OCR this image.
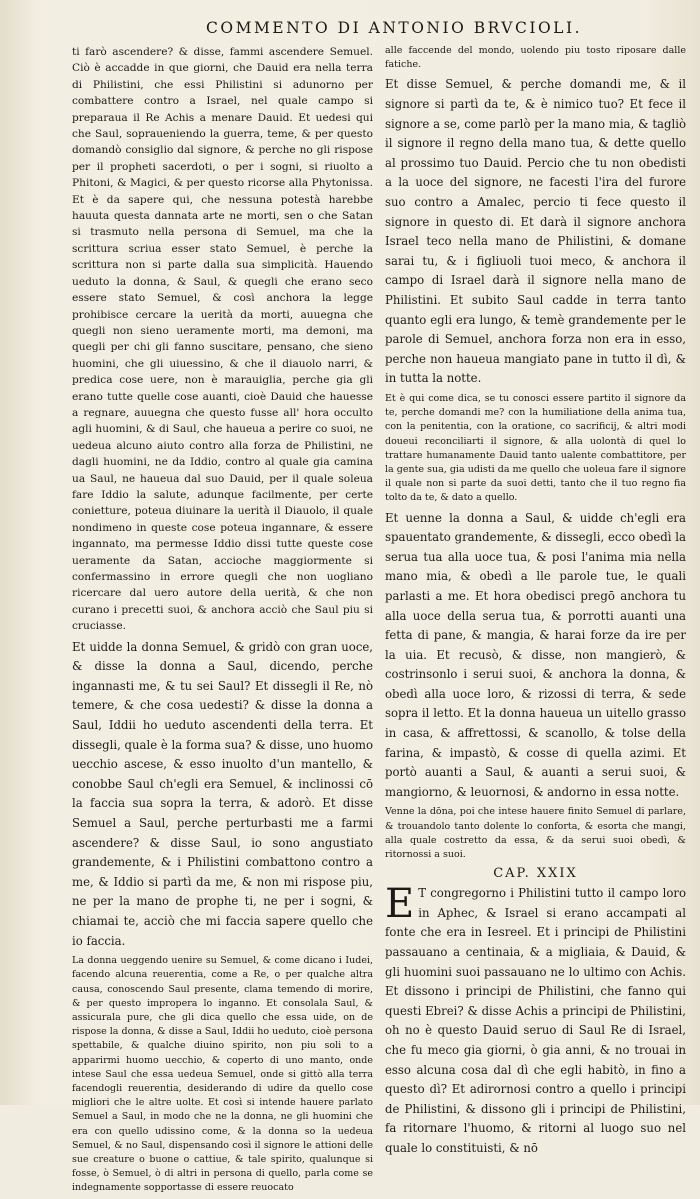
COMMENTO DI ANTONIO BRVCIOLI.

ti farò ascendere? & disse, fammi ascendere Semuel. Ciò è accadde in que giorni, che Dauid era nella terra di Philistini, che essi Philistini si adunorno per combattere contro a Israel, nel quale campo si preparaua il Re Achis a menare Dauid. Et uedesi qui che Saul, sopraueniendo la guerra, teme, & per questo domandò consiglio dal signore, & perche no gli rispose per il propheti sacerdoti, o per i sogni, si riuolto a Phitoni, & Magici, & per questo ricorse alla Phytonissa. Et è da sapere qui, che nessuna potestà harebbe hauuta questa dannata arte ne morti, sen o che Satan si trasmuto nella persona di Semuel, ma che la scrittura scriua esser stato Semuel, è perche la scrittura non si parte dalla sua simplicità. Hauendo ueduto la donna, & Saul, & quegli che erano seco essere stato Semuel, & così anchora la legge prohibisce cercare la uerità da morti, auuegna che quegli non sieno ueramente morti, ma demoni, ma quegli per chi gli fanno suscitare, pensano, che sieno huomini, che gli uiuessino, & che il diauolo narri, & predica cose uere, non è marauiglia, perche gia gli erano tutte quelle cose auanti, cioè Dauid che hauesse a regnare, auuegna che questo fusse all' hora occulto agli huomini, & di Saul, che haueua a perire co suoi, ne uedeua alcuno aiuto contro alla forza de Philistini, ne dagli huomini, ne da Iddio, contro al quale gia camina ua Saul, ne haueua dal suo Dauid, per il quale soleua fare Iddio la salute, adunque facilmente, per certe conietture, poteua diuinare la uerità il Diauolo, il quale nondimeno in queste cose poteua ingannare, & essere ingannato, ma permesse Iddio dissi tutte queste cose ueramente da Satan, accioche maggiormente si confermassino in errore quegli che non uogliano ricercare dal uero autore della uerità, & che non curano i precetti suoi, & anchora acciò che Saul piu si cruciasse.

Et uidde la donna Semuel, & gridò con gran uoce, & disse la donna a Saul, dicendo, perche ingannasti me, & tu sei Saul? Et dissegli il Re, nò temere, & che cosa uedesti? & disse la donna a Saul, Iddii ho ueduto ascendenti della terra. Et dissegli, quale è la forma sua? & disse, uno huomo uecchio ascese, & esso inuolto d'un mantello, & conobbe Saul ch'egli era Semuel, & inclinossi cō la faccia sua sopra la terra, & adorò. Et disse Semuel a Saul, perche perturbasti me a farmi ascendere? & disse Saul, io sono angustiato grandemente, & i Philistini combattono contro a me, & Iddio si partì da me, & non mi rispose piu, ne per la mano de prophe ti, ne per i sogni, & chiamai te, acciò che mi faccia sapere quello che io faccia.

La donna ueggendo uenire su Semuel, & come dicano i Iudei, facendo alcuna reuerentia, come a Re, o per qualche altra causa, conoscendo Saul presente, clama temendo di morire, & per questo impropera lo inganno. Et consolala Saul, & assicurala pure, che gli dica quello che essa uide, on de rispose la donna, & disse a Saul, Iddii ho ueduto, cioè persona spettabile, & qualche diuino spirito, non piu soli to a apparirmi huomo uecchio, & coperto di uno manto, onde intese Saul che essa uedeua Semuel, onde si gittò alla terra facendogli reuerentia, desiderando di udire da quello cose migliori che le altre uolte. Et così si intende hauere parlato Semuel a Saul, in modo che ne la donna, ne gli huomini che era con quello udissino come, & la donna so la uedeua Semuel, & no Saul, dispensando così il signore le attioni delle sue creature o buone o cattiue, & tale spirito, qualunque si fosse, ò Semuel, ò di altri in persona di quello, parla come se indegnamente sopportasse di essere reuocato

alle faccende del mondo, uolendo piu tosto riposare dalle fatiche.

Et disse Semuel, & perche domandi me, & il signore si partì da te, & è nimico tuo? Et fece il signore a se, come parlò per la mano mia, & tagliò il signore il regno della mano tua, & dette quello al prossimo tuo Dauid. Percio che tu non obedisti a la uoce del signore, ne facesti l'ira del furore suo contro a Amalec, percio ti fece questo il signore in questo di. Et darà il signore anchora Israel teco nella mano de Philistini, & domane sarai tu, & i figliuoli tuoi meco, & anchora il campo di Israel darà il signore nella mano de Philistini. Et subito Saul cadde in terra tanto quanto egli era lungo, & temè grandemente per le parole di Semuel, anchora forza non era in esso, perche non haueua mangiato pane in tutto il dì, & in tutta la notte.

Et è qui come dica, se tu conosci essere partito il signore da te, perche domandi me? con la humiliatione della anima tua, con la penitentia, con la oratione, co sacrificij, & altri modi doueui reconciliarti il signore, & alla uolontà di quel lo trattare humanamente Dauid tanto ualente combattitore, per la gente sua, gia udisti da me quello che uoleua fare il signore il quale non si parte da suoi detti, tanto che il tuo regno fia tolto da te, & dato a quello.

Et uenne la donna a Saul, & uidde ch'egli era spauentato grandemente, & dissegli, ecco obedì la serua tua alla uoce tua, & posi l'anima mia nella mano mia, & obedì a lle parole tue, le quali parlasti a me. Et hora obedisci pregō anchora tu alla uoce della serua tua, & porrotti auanti una fetta di pane, & mangia, & harai forze da ire per la uia. Et recusò, & disse, non mangierò, & costrinsonlo i serui suoi, & anchora la donna, & obedì alla uoce loro, & rizossi di terra, & sede sopra il letto. Et la donna haueua un uitello grasso in casa, & affrettossi, & scanollo, & tolse della farina, & impastò, & cosse di quella azimi. Et portò auanti a Saul, & auanti a serui suoi, & mangiorno, & leuornosi, & andorno in essa notte.

Venne la dōna, poi che intese hauere finito Semuel di parlare, & trouandolo tanto dolente lo conforta, & esorta che mangi, alla quale costretto da essa, & da serui suoi obedì, & ritornossi a suoi.

CAP. XXIX

E T congregorno i Philistini tutto il campo loro in Aphec, & Israel si erano accampati al fonte che era in Iesreel. Et i principi de Philistini passauano a centinaia, & a migliaia, & Dauid, & gli huomini suoi passauano ne lo ultimo con Achis. Et dissono i principi de Philistini, che fanno qui questi Ebrei? & disse Achis a principi de Philistini, oh no è questo Dauid seruo di Saul Re di Israel, che fu meco gia giorni, ò gia anni, & no trouai in esso alcuna cosa dal dì che egli habitò, in fino a questo dì? Et adirornosi contro a quello i principi de Philistini, & dissono gli i principi de Philistini, fa ritornare l'huomo, & ritorni al luogo suo nel quale lo constituisti, & nō
